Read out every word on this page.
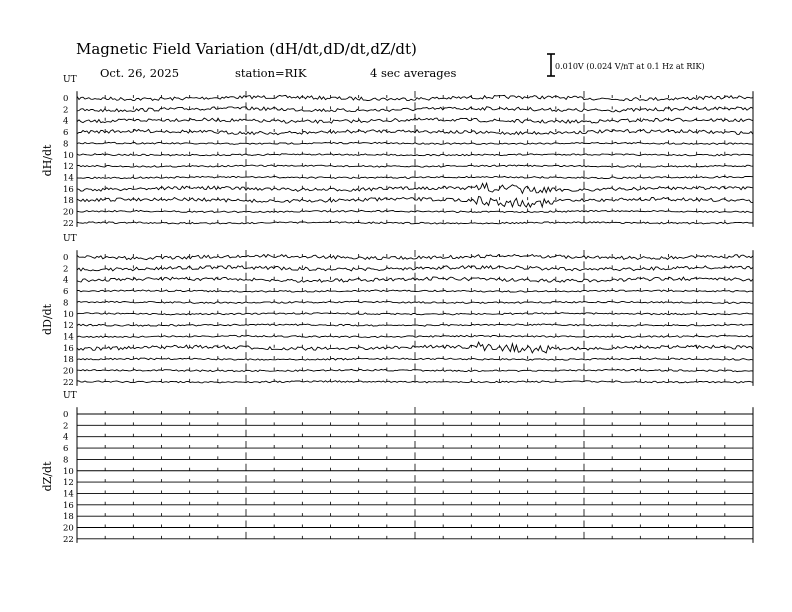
Magnetic Field Variation (dH/dt,dD/dt,dZ/dt)
Oct. 26, 2025	station=RIK	4 sec averages	0.010V (0.024 V/nT at 0.1 Hz at RIK)
UT
dH/dt
0
2
4
6
8
10
12
14
16
18
20
22
UT
dD/dt
0
2
4
6
8
10
12
14
16
18
20
22
UT
dZ/dt
0
2
4
6
8
10
12
14
16
18
20
22
